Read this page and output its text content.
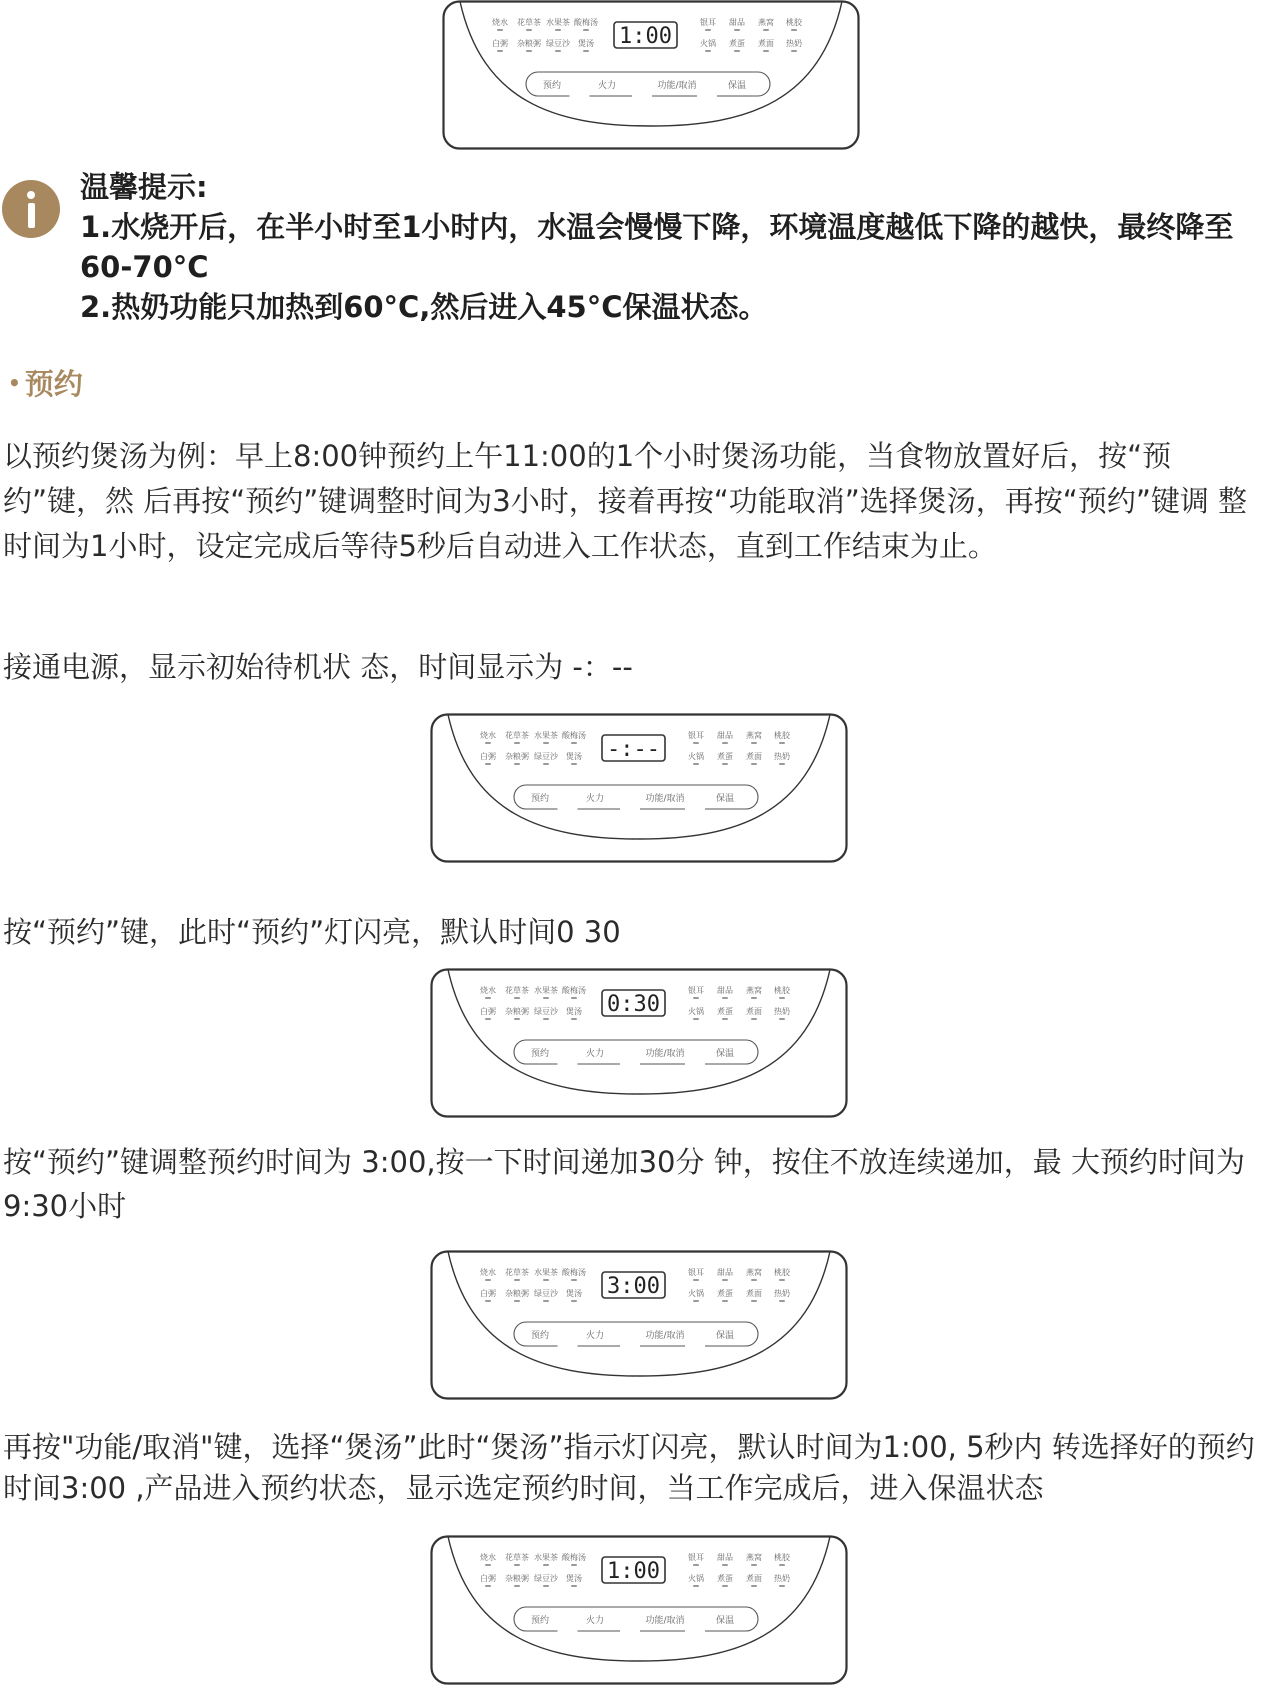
烧水 花草茶 水果茶 酸梅汤
白粥 杂粮粥 绿豆沙 煲汤
银耳 甜品 燕窝 桃胶
火锅 煮蛋 煮面 热奶
1:00
预约	火力	功能/取消	保温

温馨提示:

1.水烧开后，在半小时至1小时内，水温会慢慢下降，环境温度越低下降的越快，最终降至60-70°C

2.热奶功能只加热到60°C,然后进入45°C保温状态。

• 预约

以预约煲汤为例：早上8:00钟预约上午11:00的1个小时煲汤功能，当食物放置好后，按“预约”键，然 后再按“预约”键调整时间为3小时，接着再按“功能取消”选择煲汤，再按“预约”键调 整时间为1小时，设定完成后等待5秒后自动进入工作状态，直到工作结束为止。

接通电源，显示初始待机状 态，时间显示为 -：--

烧水 花草茶 水果茶 酸梅汤
白粥 杂粮粥 绿豆沙 煲汤
银耳 甜品 燕窝 桃胶
火锅 煮蛋 煮面 热奶
-:--
预约	火力	功能/取消	保温

按“预约”键，此时“预约”灯闪亮，默认时间0 30

烧水 花草茶 水果茶 酸梅汤
白粥 杂粮粥 绿豆沙 煲汤
银耳 甜品 燕窝 桃胶
火锅 煮蛋 煮面 热奶
0:30
预约	火力	功能/取消	保温

按“预约”键调整预约时间为 3:00,按一下时间递加30分 钟，按住不放连续递加，最 大预约时间为9:30小时

烧水 花草茶 水果茶 酸梅汤
白粥 杂粮粥 绿豆沙 煲汤
银耳 甜品 燕窝 桃胶
火锅 煮蛋 煮面 热奶
3:00
预约	火力	功能/取消	保温

再按"功能/取消"键，选择“煲汤”此时“煲汤”指示灯闪亮，默认时间为1:00, 5秒内 转选择好的预约时间3:00 ,产品进入预约状态，显示选定预约时间，当工作完成后，进入保温状态

烧水 花草茶 水果茶 酸梅汤
白粥 杂粮粥 绿豆沙 煲汤
银耳 甜品 燕窝 桃胶
火锅 煮蛋 煮面 热奶
1:00
预约	火力	功能/取消	保温
